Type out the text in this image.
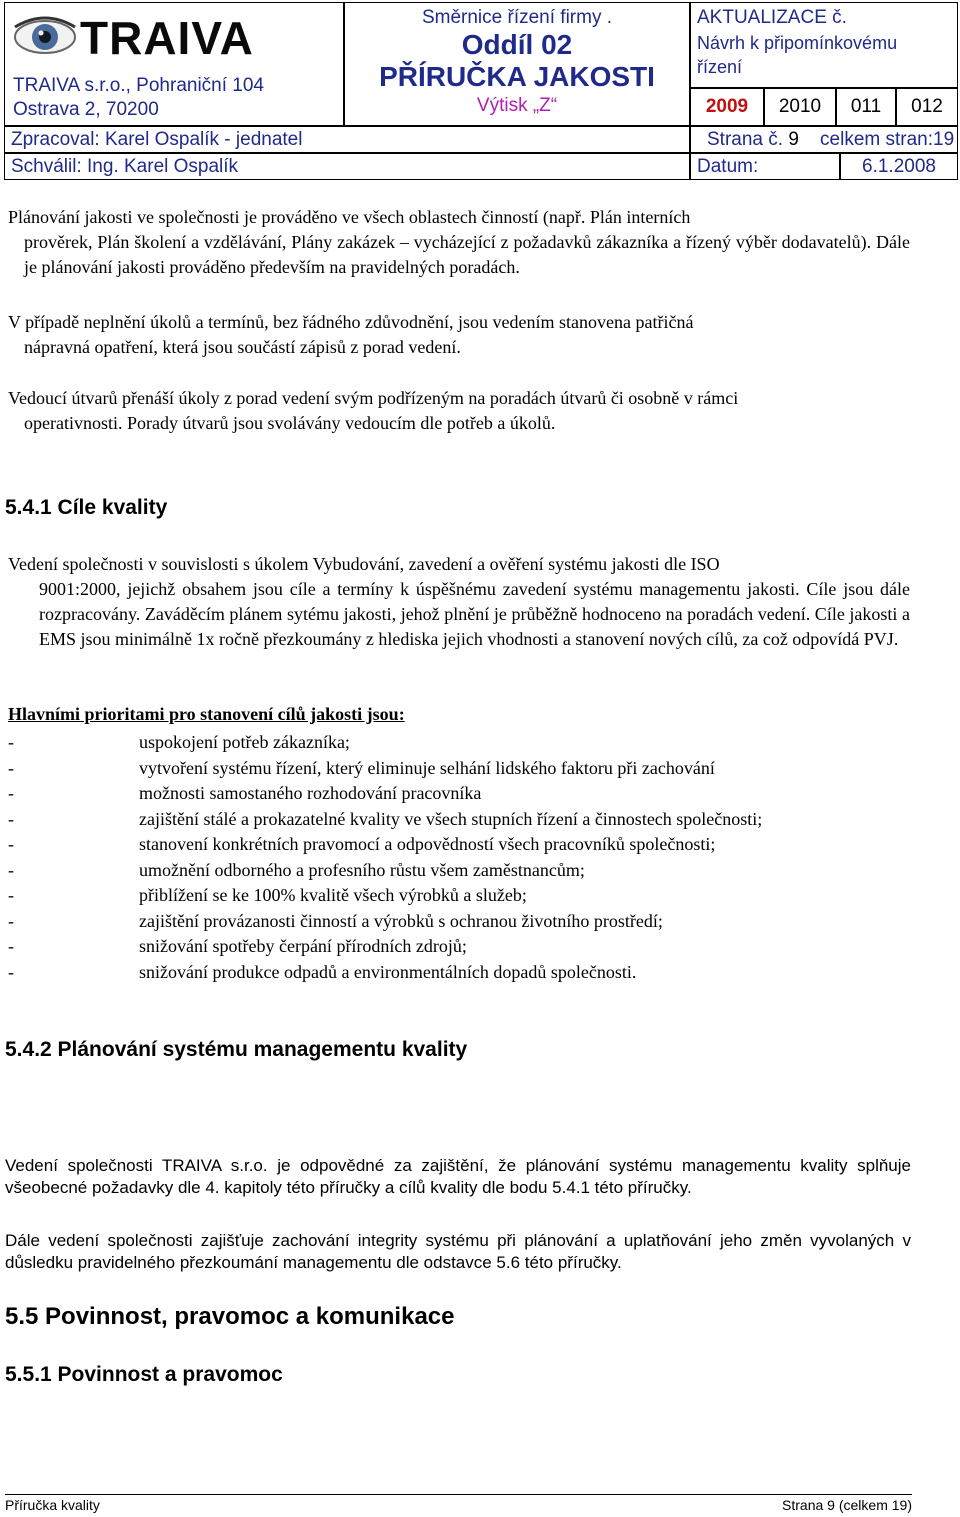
TRAIVA
TRAIVA s.r.o., Pohraniční 104
Ostrava 2, 70200
Směrnice řízení firmy .
Oddíl 02
PŘÍRUČKA JAKOSTI
Výtisk „Z“
AKTUALIZACE č.
Návrh k připomínkovému řízení
2009	2010	011	012
Zpracoval: Karel Ospalík - jednatel	Strana č. 9 celkem stran:19
Schválil: Ing. Karel Ospalík	Datum:	6.1.2008

Plánování jakosti ve společnosti je prováděno ve všech oblastech činností (např. Plán interních
prověrek, Plán školení a vzdělávání, Plány zakázek – vycházející z požadavků zákazníka a řízený výběr dodavatelů). Dále je plánování jakosti prováděno především na pravidelných poradách.

V případě neplnění úkolů a termínů, bez řádného zdůvodnění, jsou vedením stanovena patřičná
nápravná opatření, která jsou součástí zápisů z porad vedení.

Vedoucí útvarů přenáší úkoly z porad vedení svým podřízeným na poradách útvarů či osobně v rámci
operativnosti. Porady útvarů jsou svolávány vedoucím dle potřeb a úkolů.

5.4.1 Cíle kvality

Vedení společnosti v souvislosti s úkolem Vybudování, zavedení a ověření systému jakosti dle ISO
9001:2000, jejichž obsahem jsou cíle a termíny k úspěšnému zavedení systému managementu jakosti. Cíle jsou dále rozpracovány. Zaváděcím plánem sytému jakosti, jehož plnění je průběžně hodnoceno na poradách vedení. Cíle jakosti a EMS jsou minimálně 1x ročně přezkoumány z hlediska jejich vhodnosti a stanovení nových cílů, za což odpovídá PVJ.

Hlavními prioritami pro stanovení cílů jakosti jsou:

-	uspokojení potřeb zákazníka;
-	vytvoření systému řízení, který eliminuje selhání lidského faktoru při zachování
-	možnosti samostaného rozhodování pracovníka
-	zajištění stálé a prokazatelné kvality ve všech stupních řízení a činnostech společnosti;
-	stanovení konkrétních pravomocí a odpovědností všech pracovníků společnosti;
-	umožnění odborného a profesního růstu všem zaměstnancům;
-	přiblížení se ke 100% kvalitě všech výrobků a služeb;
-	zajištění provázanosti činností a výrobků s ochranou životního prostředí;
-	snižování spotřeby čerpání přírodních zdrojů;
-	snižování produkce odpadů a environmentálních dopadů společnosti.
5.4.2 Plánování systému managementu kvality

Vedení společnosti TRAIVA s.r.o. je odpovědné za zajištění, že plánování systému managementu kvality splňuje všeobecné požadavky dle 4. kapitoly této příručky a cílů kvality dle bodu 5.4.1 této příručky.

Dále vedení společnosti zajišťuje zachování integrity systému při plánování a uplatňování jeho změn vyvolaných v důsledku pravidelného přezkoumání managementu dle odstavce 5.6 této příručky.

5.5 Povinnost, pravomoc a komunikace
5.5.1 Povinnost a pravomoc
Příručka kvality	Strana 9 (celkem 19)
